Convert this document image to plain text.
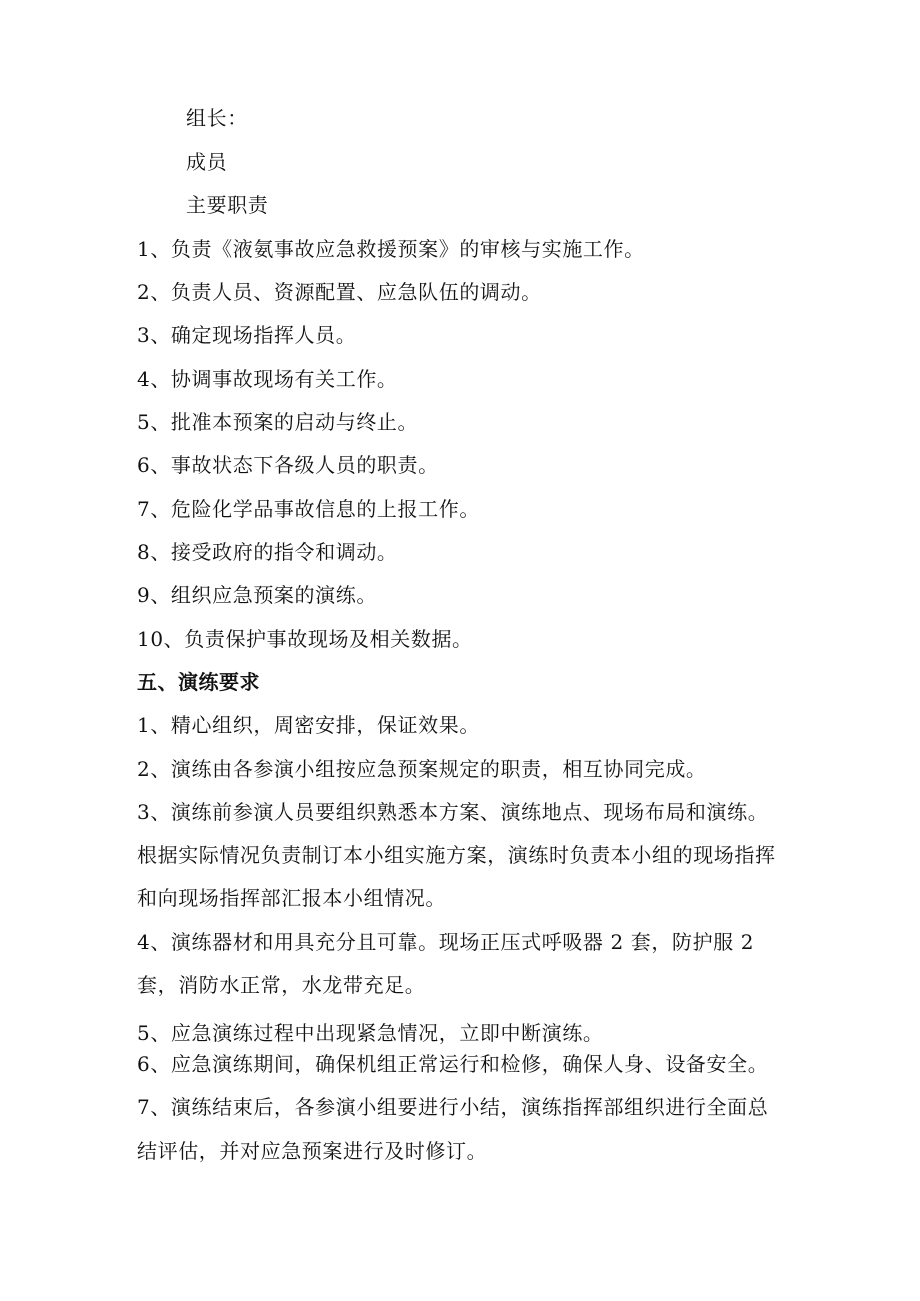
组长：
成员
主要职责
1、负责《液氨事故应急救援预案》的审核与实施工作。
2、负责人员、资源配置、应急队伍的调动。
3、确定现场指挥人员。
4、协调事故现场有关工作。
5、批准本预案的启动与终止。
6、事故状态下各级人员的职责。
7、危险化学品事故信息的上报工作。
8、接受政府的指令和调动。
9、组织应急预案的演练。
10、负责保护事故现场及相关数据。
五、演练要求
1、精心组织，周密安排，保证效果。
2、演练由各参演小组按应急预案规定的职责，相互协同完成。
3、演练前参演人员要组织熟悉本方案、演练地点、现场布局和演练。
根据实际情况负责制订本小组实施方案，演练时负责本小组的现场指挥
和向现场指挥部汇报本小组情况。
4、演练器材和用具充分且可靠。现场正压式呼吸器 2 套，防护服 2
套，消防水正常，水龙带充足。
5、应急演练过程中出现紧急情况，立即中断演练。
6、应急演练期间，确保机组正常运行和检修，确保人身、设备安全。
7、演练结束后，各参演小组要进行小结，演练指挥部组织进行全面总
结评估，并对应急预案进行及时修订。
